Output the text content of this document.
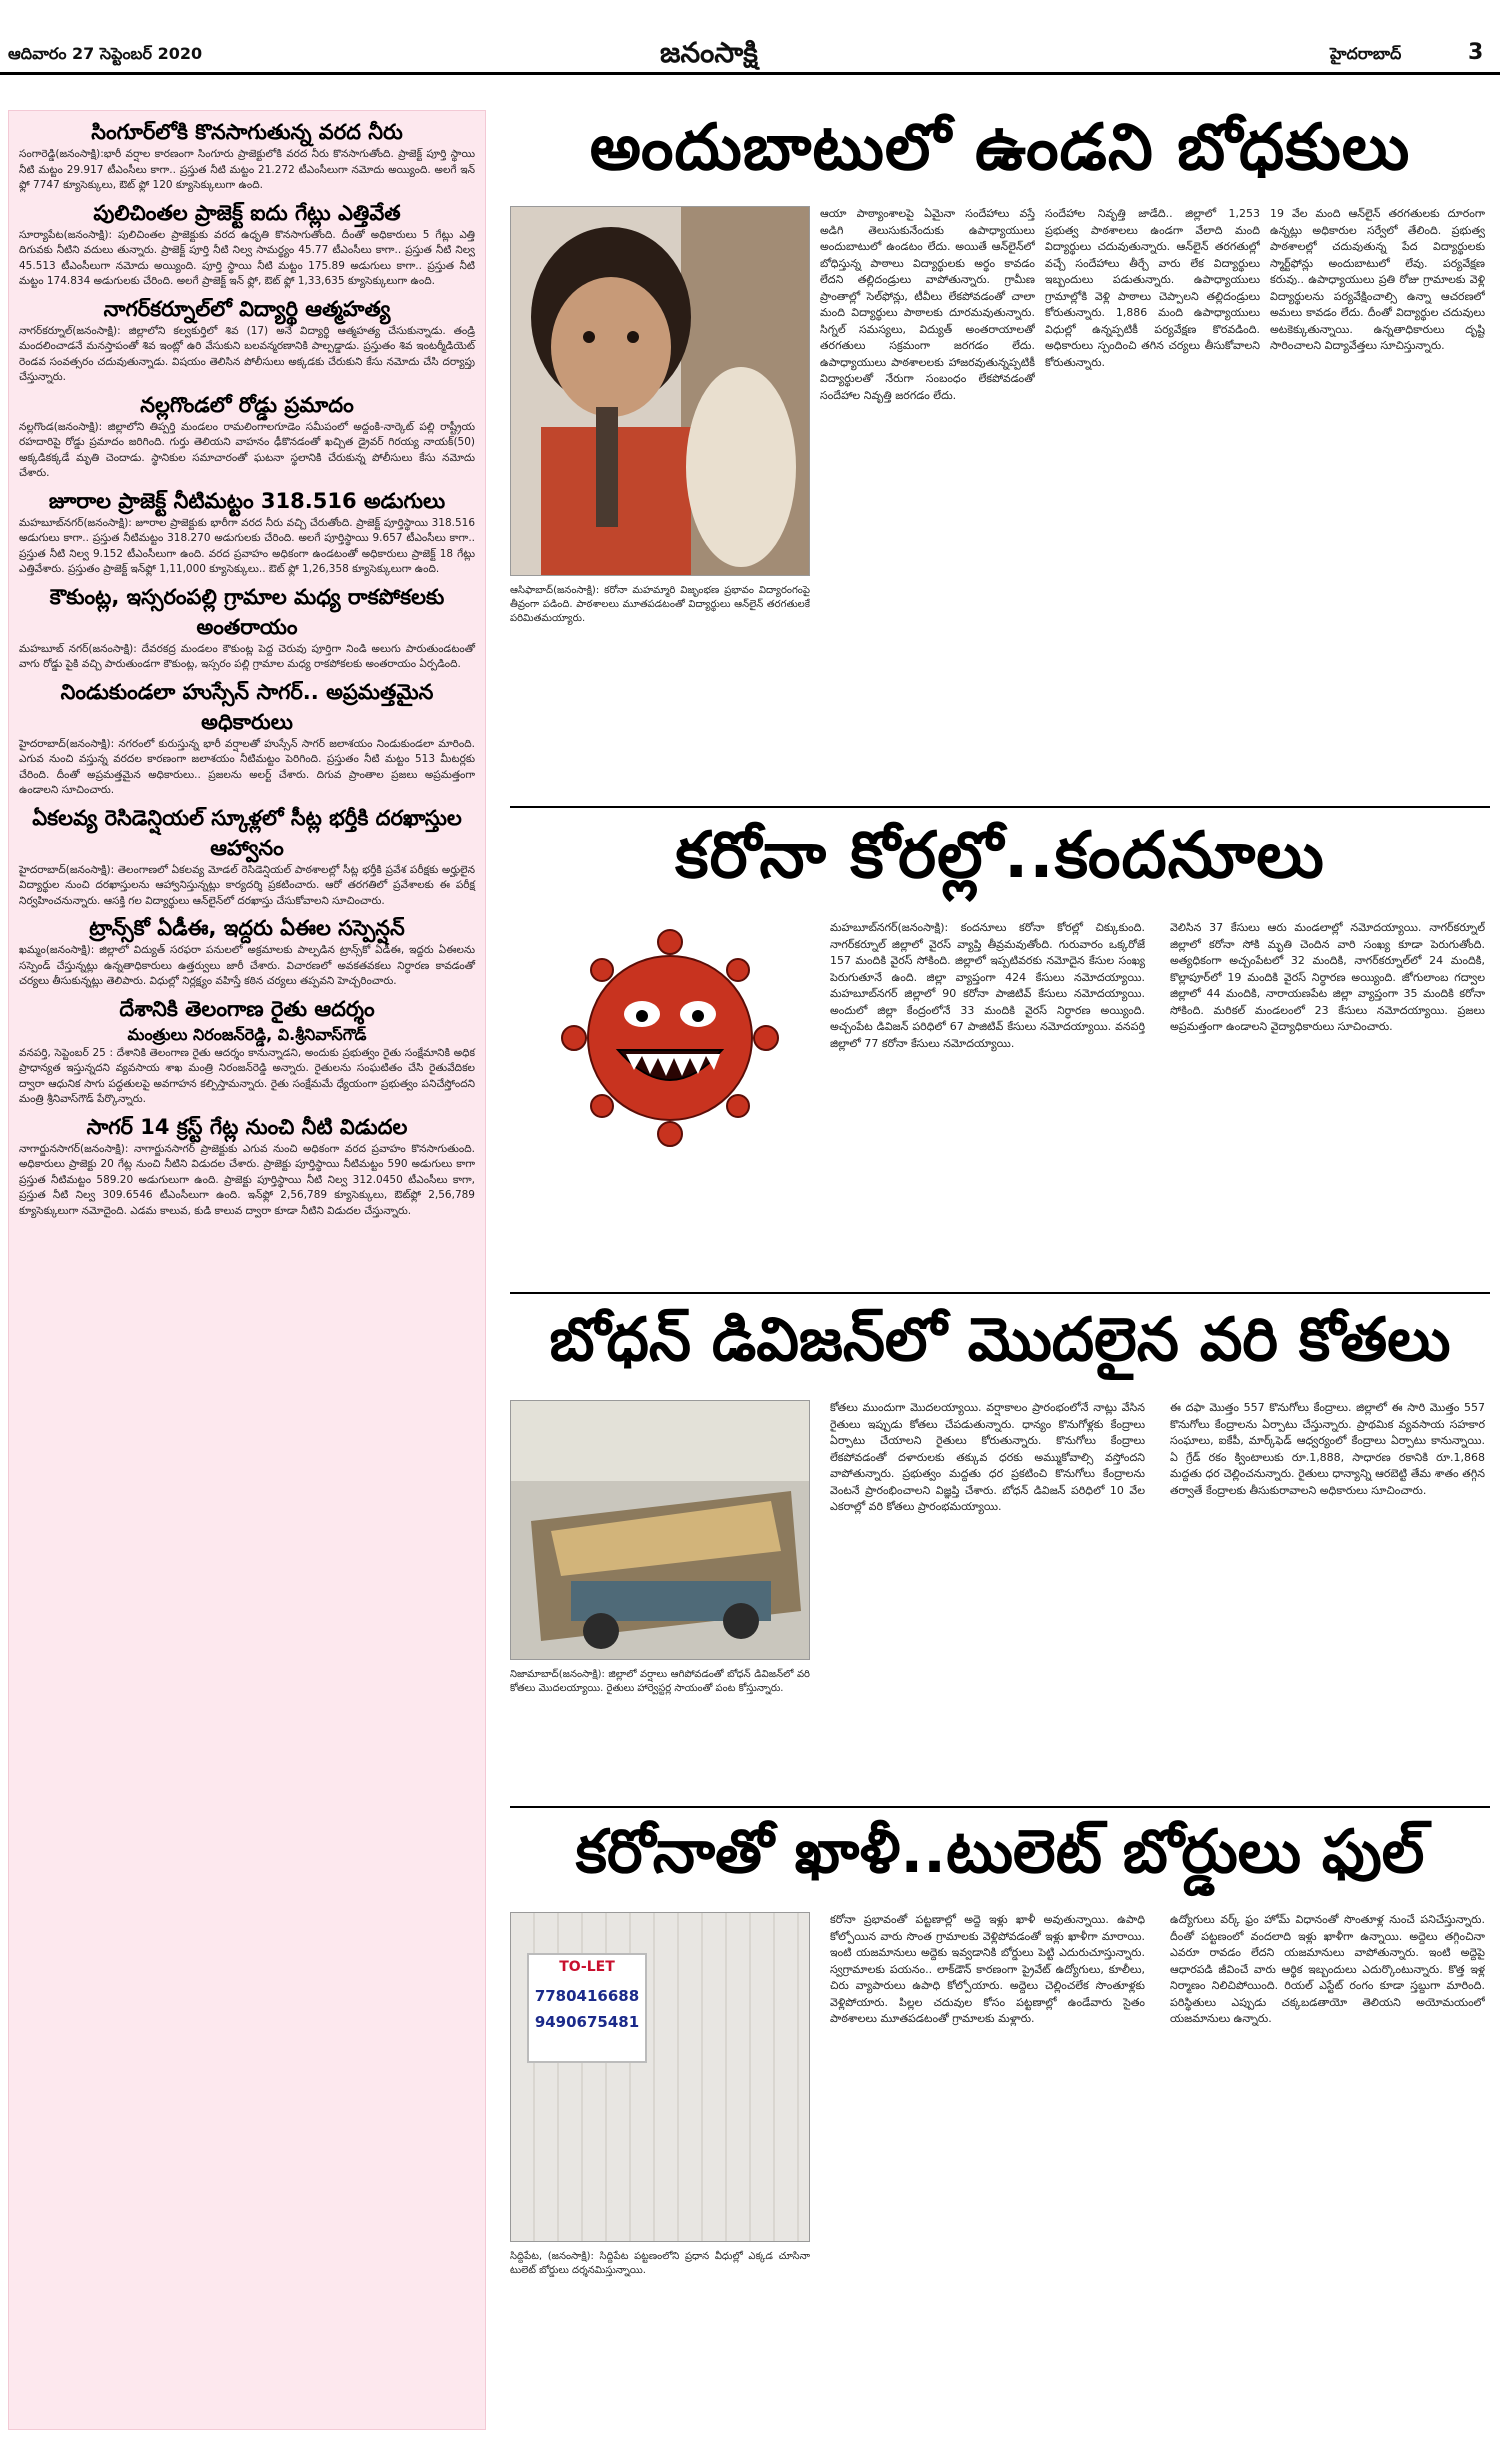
ఆదివారం 27 సెప్టెంబర్ 2020	జనంసాక్షి	హైదరాబాద్	3
సింగూర్‌లోకి కొనసాగుతున్న వరద నీరు
సంగారెడ్డి(జనంసాక్షి):భారీ వర్షాల కారణంగా సింగూరు ప్రాజెక్టులోకి వరద నీరు కొనసాగుతోంది. ప్రాజెక్ట్ పూర్తి స్థాయి నీటి మట్టం 29.917 టీఎంసీలు కాగా.. ప్రస్తుత నీటి మట్టం 21.272 టీఎంసీలుగా నమోదు అయ్యింది. అలగే ఇన్ ఫ్లో 7747 క్యూసెక్కులు, ఔట్ ఫ్లో 120 క్యూసెక్కులుగా ఉంది.
పులిచింతల ప్రాజెక్ట్ ఐదు గేట్లు ఎత్తివేత
సూర్యాపేట(జనంసాక్షి): పులిచింతల ప్రాజెక్టుకు వరద ఉధృతి కొనసాగుతోంది. దీంతో అధికారులు 5 గేట్లు ఎత్తి దిగువకు నీటిని వదులు తున్నారు. ప్రాజెక్ట్ పూర్తి నీటి నిల్వ సామర్థ్యం 45.77 టీఎంసీలు కాగా.. ప్రస్తుత నీటి నిల్వ 45.513 టీఎంసీలుగా నమోదు అయ్యింది. పూర్తి స్థాయి నీటి మట్టం 175.89 అడుగులు కాగా.. ప్రస్తుత నీటి మట్టం 174.834 అడుగులకు చేరింది. అలగే ప్రాజెక్ట్ ఇన్ ఫ్లో, ఔట్ ఫ్లో 1,33,635 క్యూసెక్కులుగా ఉంది.
నాగర్‌కర్నూల్‌లో విద్యార్థి ఆత్మహత్య
నాగర్‌కర్నూల్(జనంసాక్షి): జిల్లాలోని కల్వకుర్తిలో శివ (17) అనే విద్యార్థి ఆత్మహత్య చేసుకున్నాడు. తండ్రి మందలించాడనే మనస్తాపంతో శివ ఇంట్లో ఉరి వేసుకుని బలవన్మరణానికి పాల్పడ్డాడు. ప్రస్తుతం శివ ఇంటర్మీడియెట్ రెండవ సంవత్సరం చదువుతున్నాడు. విషయం తెలిసిన పోలీసులు అక్కడకు చేరుకుని కేసు నమోదు చేసి దర్యాప్తు చేస్తున్నారు.
నల్లగొండలో రోడ్డు ప్రమాదం
నల్లగొండ(జనంసాక్షి): జిల్లాలోని తిప్పర్తి మండలం రామలింగాలగూడెం సమీపంలో అద్దంకి-నార్కెట్ పల్లి రాష్ట్రీయ రహదారిపై రోడ్డు ప్రమాదం జరిగింది. గుర్తు తెలియని వాహనం ఢీకొనడంతో ఖచ్చిత డ్రైవర్ గిరయ్య నాయక్(50) అక్కడికక్కడే మృతి చెందాడు. స్థానికుల సమాచారంతో ఘటనా స్థలానికి చేరుకున్న పోలీసులు కేసు నమోదు చేశారు.
జూరాల ప్రాజెక్ట్ నీటిమట్టం 318.516 అడుగులు
మహబూబ్‌నగర్(జనంసాక్షి): జూరాల ప్రాజెక్టుకు భారీగా వరద నీరు వచ్చి చేరుతోంది. ప్రాజెక్ట్ పూర్తిస్థాయి 318.516 అడుగులు కాగా.. ప్రస్తుత నీటిమట్టం 318.270 అడుగులకు చేరింది. అలగే పూర్తిస్థాయి 9.657 టీఎంసీలు కాగా.. ప్రస్తుత నీటి నిల్వ 9.152 టీఎంసీలుగా ఉంది. వరద ప్రవాహం అధికంగా ఉండటంతో అధికారులు ప్రాజెక్ట్ 18 గేట్లు ఎత్తివేశారు. ప్రస్తుతం ప్రాజెక్ట్ ఇన్‌ఫ్లో 1,11,000 క్యూసెక్కులు.. ఔట్ ఫ్లో 1,26,358 క్యూసెక్కులుగా ఉంది.
కౌకుంట్ల, ఇస్సరంపల్లి గ్రామాల మధ్య రాకపోకలకు అంతరాయం
మహబూబ్ నగర్(జనంసాక్షి): దేవరకద్ర మండలం కౌకుంట్ల పెద్ద చెరువు పూర్తిగా నిండి అలుగు పారుతుండటంతో వాగు రోడ్డు పైకి వచ్చి పారుతుండగా కౌకుంట్ల, ఇస్సరం పల్లి గ్రామాల మధ్య రాకపోకలకు అంతరాయం ఏర్పడింది.
నిండుకుండలా హుస్సేన్ సాగర్.. అప్రమత్తమైన అధికారులు
హైదరాబాద్(జనంసాక్షి): నగరంలో కురుస్తున్న భారీ వర్షాలతో హుస్సేన్ సాగర్ జలాశయం నిండుకుండలా మారింది. ఎగువ నుంచి వస్తున్న వరదల కారణంగా జలాశయం నీటిమట్టం పెరిగింది. ప్రస్తుతం నీటి మట్టం 513 మీటర్లకు చేరింది. దీంతో అప్రమత్తమైన అధికారులు.. ప్రజలను అలర్ట్ చేశారు. దిగువ ప్రాంతాల ప్రజలు అప్రమత్తంగా ఉండాలని సూచించారు.
ఏకలవ్య రెసిడెన్షియల్ స్కూళ్లలో సీట్ల భర్తీకి దరఖాస్తుల ఆహ్వానం
హైదరాబాద్(జనంసాక్షి): తెలంగాణలో ఏకలవ్య మోడల్ రెసిడెన్షియల్ పాఠశాలల్లో సీట్ల భర్తీకి ప్రవేశ పరీక్షకు అర్హులైన విద్యార్థుల నుంచి దరఖాస్తులను ఆహ్వానిస్తున్నట్లు కార్యదర్శి ప్రకటించారు. ఆరో తరగతిలో ప్రవేశాలకు ఈ పరీక్ష నిర్వహించనున్నారు. ఆసక్తి గల విద్యార్థులు ఆన్‌లైన్‌లో దరఖాస్తు చేసుకోవాలని సూచించారు.
ట్రాన్స్‌కో ఏడీఈ, ఇద్దరు ఏఈల సస్పెన్షన్
ఖమ్మం(జనంసాక్షి): జిల్లాలో విద్యుత్ సరఫరా పనులలో అక్రమాలకు పాల్పడిన ట్రాన్స్‌కో ఏడీఈ, ఇద్దరు ఏఈలను సస్పెండ్ చేస్తున్నట్లు ఉన్నతాధికారులు ఉత్తర్వులు జారీ చేశారు. విచారణలో అవకతవకలు నిర్ధారణ కావడంతో చర్యలు తీసుకున్నట్లు తెలిపారు. విధుల్లో నిర్లక్ష్యం వహిస్తే కఠిన చర్యలు తప్పవని హెచ్చరించారు.
దేశానికి తెలంగాణ రైతు ఆదర్శం
మంత్రులు నిరంజన్‌రెడ్డి, వి.శ్రీనివాస్‌గౌడ్
వనపర్తి, సెప్టెంబర్ 25 : దేశానికి తెలంగాణ రైతు ఆదర్శం కానున్నాడని, అందుకు ప్రభుత్వం రైతు సంక్షేమానికి అధిక ప్రాధాన్యత ఇస్తున్నదని వ్యవసాయ శాఖ మంత్రి నిరంజన్‌రెడ్డి అన్నారు. రైతులను సంఘటితం చేసి రైతువేదికల ద్వారా ఆధునిక సాగు పద్ధతులపై అవగాహన కల్పిస్తామన్నారు. రైతు సంక్షేమమే ధ్యేయంగా ప్రభుత్వం పనిచేస్తోందని మంత్రి శ్రీనివాస్‌గౌడ్ పేర్కొన్నారు.
సాగర్ 14 క్రస్ట్ గేట్ల నుంచి నీటి విడుదల
నాగార్జునసాగర్(జనంసాక్షి): నాగార్జునసాగర్ ప్రాజెక్టుకు ఎగువ నుంచి అధికంగా వరద ప్రవాహం కొనసాగుతుంది. అధికారులు ప్రాజెక్టు 20 గేట్ల నుంచి నీటిని విడుదల చేశారు. ప్రాజెక్టు పూర్తిస్థాయి నీటిమట్టం 590 అడుగులు కాగా ప్రస్తుత నీటిమట్టం 589.20 అడుగులుగా ఉంది. ప్రాజెక్టు పూర్తిస్థాయి నీటి నిల్వ 312.0450 టీఎంసీలు కాగా, ప్రస్తుత నీటి నిల్వ 309.6546 టీఎంసీలుగా ఉంది. ఇన్‌ఫ్లో 2,56,789 క్యూసెక్కులు, ఔట్‌ఫ్లో 2,56,789 క్యూసెక్కులుగా నమోదైంది. ఎడమ కాలువ, కుడి కాలువ ద్వారా కూడా నీటిని విడుదల చేస్తున్నారు.
అందుబాటులో ఉండని బోధకులు
ఆసిఫాబాద్(జనంసాక్షి): కరోనా మహమ్మారి విజృంభణ ప్రభావం విద్యారంగంపై తీవ్రంగా పడింది. పాఠశాలలు మూతపడటంతో విద్యార్థులు ఆన్‌లైన్ తరగతులకే పరిమితమయ్యారు.
ఆయా పాఠ్యాంశాలపై ఏమైనా సందేహాలు వస్తే అడిగి తెలుసుకునేందుకు ఉపాధ్యాయులు అందుబాటులో ఉండటం లేదు. అయితే ఆన్‌లైన్‌లో బోధిస్తున్న పాఠాలు విద్యార్థులకు అర్థం కావడం లేదని తల్లిదండ్రులు వాపోతున్నారు. గ్రామీణ ప్రాంతాల్లో సెల్‌ఫోన్లు, టీవీలు లేకపోవడంతో చాలా మంది విద్యార్థులు పాఠాలకు దూరమవుతున్నారు. సిగ్నల్ సమస్యలు, విద్యుత్ అంతరాయాలతో తరగతులు సక్రమంగా జరగడం లేదు. ఉపాధ్యాయులు పాఠశాలలకు హాజరవుతున్నప్పటికీ విద్యార్థులతో నేరుగా సంబంధం లేకపోవడంతో సందేహాల నివృత్తి జరగడం లేదు.
సందేహాల నివృత్తి జాడేది.. జిల్లాలో 1,253 ప్రభుత్వ పాఠశాలలు ఉండగా వేలాది మంది విద్యార్థులు చదువుతున్నారు. ఆన్‌లైన్ తరగతుల్లో వచ్చే సందేహాలు తీర్చే వారు లేక విద్యార్థులు ఇబ్బందులు పడుతున్నారు. ఉపాధ్యాయులు గ్రామాల్లోకి వెళ్లి పాఠాలు చెప్పాలని తల్లిదండ్రులు కోరుతున్నారు. 1,886 మంది ఉపాధ్యాయులు విధుల్లో ఉన్నప్పటికీ పర్యవేక్షణ కొరవడింది. అధికారులు స్పందించి తగిన చర్యలు తీసుకోవాలని కోరుతున్నారు.
19 వేల మంది ఆన్‌లైన్ తరగతులకు దూరంగా ఉన్నట్లు అధికారుల సర్వేలో తేలింది. ప్రభుత్వ పాఠశాలల్లో చదువుతున్న పేద విద్యార్థులకు స్మార్ట్‌ఫోన్లు అందుబాటులో లేవు. పర్యవేక్షణ కరువు.. ఉపాధ్యాయులు ప్రతి రోజు గ్రామాలకు వెళ్లి విద్యార్థులను పర్యవేక్షించాల్సి ఉన్నా ఆచరణలో అమలు కావడం లేదు. దీంతో విద్యార్థుల చదువులు అటకెక్కుతున్నాయి. ఉన్నతాధికారులు దృష్టి సారించాలని విద్యావేత్తలు సూచిస్తున్నారు.
కరోనా కోరల్లో..కందనూలు
మహబూబ్‌నగర్(జనంసాక్షి): కందనూలు కరోనా కోరల్లో చిక్కుకుంది. నాగర్‌కర్నూల్ జిల్లాలో వైరస్ వ్యాప్తి తీవ్రమవుతోంది. గురువారం ఒక్కరోజే 157 మందికి వైరస్ సోకింది. జిల్లాలో ఇప్పటివరకు నమోదైన కేసుల సంఖ్య పెరుగుతూనే ఉంది. జిల్లా వ్యాప్తంగా 424 కేసులు నమోదయ్యాయి. మహబూబ్‌నగర్ జిల్లాలో 90 కరోనా పాజిటివ్ కేసులు నమోదయ్యాయి. అందులో జిల్లా కేంద్రంలోనే 33 మందికి వైరస్ నిర్ధారణ అయ్యింది. అచ్చంపేట డివిజన్ పరిధిలో 67 పాజిటివ్ కేసులు నమోదయ్యాయి. వనపర్తి జిల్లాలో 77 కరోనా కేసులు నమోదయ్యాయి.
వెలిసిన 37 కేసులు ఆరు మండలాల్లో నమోదయ్యాయి. నాగర్‌కర్నూల్ జిల్లాలో కరోనా సోకి మృతి చెందిన వారి సంఖ్య కూడా పెరుగుతోంది. అత్యధికంగా అచ్చంపేటలో 32 మందికి, నాగర్‌కర్నూల్‌లో 24 మందికి, కొల్లాపూర్‌లో 19 మందికి వైరస్ నిర్ధారణ అయ్యింది. జోగులాంబ గద్వాల జిల్లాలో 44 మందికి, నారాయణపేట జిల్లా వ్యాప్తంగా 35 మందికి కరోనా సోకింది. మరికల్ మండలంలో 23 కేసులు నమోదయ్యాయి. ప్రజలు అప్రమత్తంగా ఉండాలని వైద్యాధికారులు సూచించారు.
బోధన్ డివిజన్‌లో మొదలైన వరి కోతలు
నిజామాబాద్(జనంసాక్షి): జిల్లాలో వర్షాలు ఆగిపోవడంతో బోధన్ డివిజన్‌లో వరి కోతలు మొదలయ్యాయి. రైతులు హార్వెస్టర్ల సాయంతో పంట కోస్తున్నారు.
కోతలు ముందుగా మొదలయ్యాయి. వర్షాకాలం ప్రారంభంలోనే నాట్లు వేసిన రైతులు ఇప్పుడు కోతలు చేపడుతున్నారు. ధాన్యం కొనుగోళ్లకు కేంద్రాలు ఏర్పాటు చేయాలని రైతులు కోరుతున్నారు. కొనుగోలు కేంద్రాలు లేకపోవడంతో దళారులకు తక్కువ ధరకు అమ్ముకోవాల్సి వస్తోందని వాపోతున్నారు. ప్రభుత్వం మద్దతు ధర ప్రకటించి కొనుగోలు కేంద్రాలను వెంటనే ప్రారంభించాలని విజ్ఞప్తి చేశారు. బోధన్ డివిజన్ పరిధిలో 10 వేల ఎకరాల్లో వరి కోతలు ప్రారంభమయ్యాయి.
ఈ దఫా మొత్తం 557 కొనుగోలు కేంద్రాలు. జిల్లాలో ఈ సారి మొత్తం 557 కొనుగోలు కేంద్రాలను ఏర్పాటు చేస్తున్నారు. ప్రాథమిక వ్యవసాయ సహకార సంఘాలు, ఐకేపీ, మార్క్‌ఫెడ్ ఆధ్వర్యంలో కేంద్రాలు ఏర్పాటు కానున్నాయి. ఏ గ్రేడ్ రకం క్వింటాలుకు రూ.1,888, సాధారణ రకానికి రూ.1,868 మద్దతు ధర చెల్లించనున్నారు. రైతులు ధాన్యాన్ని ఆరబెట్టి తేమ శాతం తగ్గిన తర్వాతే కేంద్రాలకు తీసుకురావాలని అధికారులు సూచించారు.
కరోనాతో ఖాళీ..టులెట్ బోర్డులు ఫుల్
TO-LET
7780416688
9490675481
సిద్దిపేట, (జనంసాక్షి): సిద్దిపేట పట్టణంలోని ప్రధాన వీధుల్లో ఎక్కడ చూసినా టులెట్ బోర్డులు దర్శనమిస్తున్నాయి.
కరోనా ప్రభావంతో పట్టణాల్లో అద్దె ఇళ్లు ఖాళీ అవుతున్నాయి. ఉపాధి కోల్పోయిన వారు సొంత గ్రామాలకు వెళ్లిపోవడంతో ఇళ్లు ఖాళీగా మారాయి. ఇంటి యజమానులు అద్దెకు ఇవ్వడానికి బోర్డులు పెట్టి ఎదురుచూస్తున్నారు. స్వగ్రామాలకు పయనం.. లాక్‌డౌన్ కారణంగా ప్రైవేట్ ఉద్యోగులు, కూలీలు, చిరు వ్యాపారులు ఉపాధి కోల్పోయారు. అద్దెలు చెల్లించలేక సొంతూళ్లకు వెళ్లిపోయారు. పిల్లల చదువుల కోసం పట్టణాల్లో ఉండేవారు సైతం పాఠశాలలు మూతపడటంతో గ్రామాలకు మళ్లారు.
ఉద్యోగులు వర్క్ ఫ్రం హోమ్ విధానంతో సొంతూళ్ల నుంచే పనిచేస్తున్నారు. దీంతో పట్టణంలో వందలాది ఇళ్లు ఖాళీగా ఉన్నాయి. అద్దెలు తగ్గించినా ఎవరూ రావడం లేదని యజమానులు వాపోతున్నారు. ఇంటి అద్దెపై ఆధారపడి జీవించే వారు ఆర్థిక ఇబ్బందులు ఎదుర్కొంటున్నారు. కొత్త ఇళ్ల నిర్మాణం నిలిచిపోయింది. రియల్ ఎస్టేట్ రంగం కూడా స్తబ్దుగా మారింది. పరిస్థితులు ఎప్పుడు చక్కబడతాయో తెలియని అయోమయంలో యజమానులు ఉన్నారు.
